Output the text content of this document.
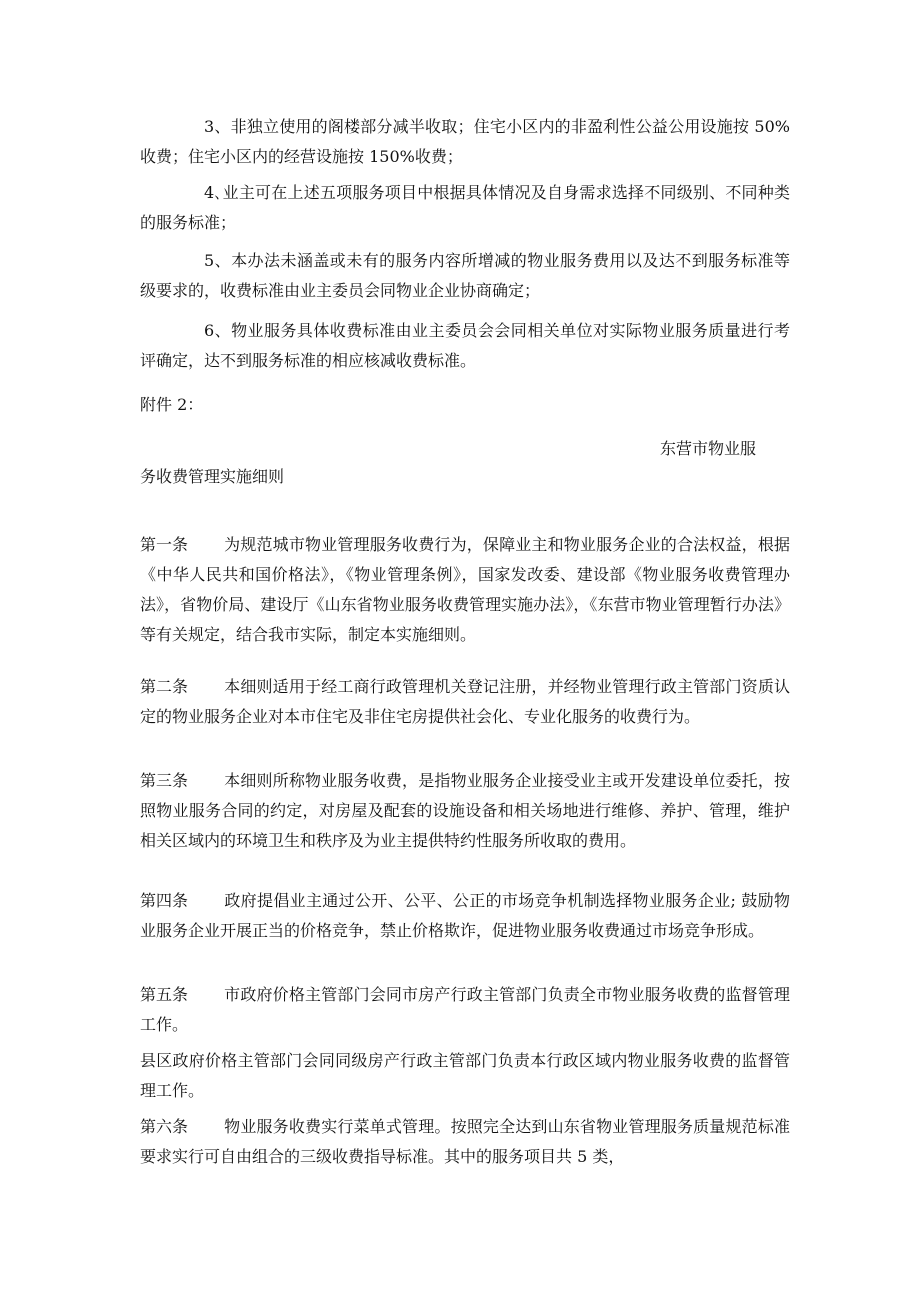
3、非独立使用的阁楼部分减半收取；住宅小区内的非盈利性公益公用设施按 50%收费；住宅小区内的经营设施按 150%收费；

4､业主可在上述五项服务项目中根据具体情况及自身需求选择不同级别、不同种类的服务标准；

5、本办法未涵盖或未有的服务内容所增减的物业服务费用以及达不到服务标准等级要求的，收费标准由业主委员会同物业企业协商确定；

6、物业服务具体收费标准由业主委员会会同相关单位对实际物业服务质量进行考评确定，达不到服务标准的相应核减收费标准。

附件 2：

东营市物业服

务收费管理实施细则

第一条 为规范城市物业管理服务收费行为，保障业主和物业服务企业的合法权益，根据《中华人民共和国价格法》，《物业管理条例》，国家发改委、建设部《物业服务收费管理办法》，省物价局、建设厅《山东省物业服务收费管理实施办法》，《东营市物业管理暂行办法》等有关规定，结合我市实际，制定本实施细则。

第二条 本细则适用于经工商行政管理机关登记注册，并经物业管理行政主管部门资质认定的物业服务企业对本市住宅及非住宅房提供社会化、专业化服务的收费行为。

第三条 本细则所称物业服务收费，是指物业服务企业接受业主或开发建设单位委托，按照物业服务合同的约定，对房屋及配套的设施设备和相关场地进行维修、养护、管理，维护相关区域内的环境卫生和秩序及为业主提供特约性服务所收取的费用。

第四条 政府提倡业主通过公开、公平、公正的市场竞争机制选择物业服务企业; 鼓励物业服务企业开展正当的价格竞争，禁止价格欺诈，促进物业服务收费通过市场竞争形成。

第五条 市政府价格主管部门会同市房产行政主管部门负责全市物业服务收费的监督管理工作。

县区政府价格主管部门会同同级房产行政主管部门负责本行政区域内物业服务收费的监督管理工作。

第六条 物业服务收费实行菜单式管理。按照完全达到山东省物业管理服务质量规范标准要求实行可自由组合的三级收费指导标准。其中的服务项目共 5 类，
